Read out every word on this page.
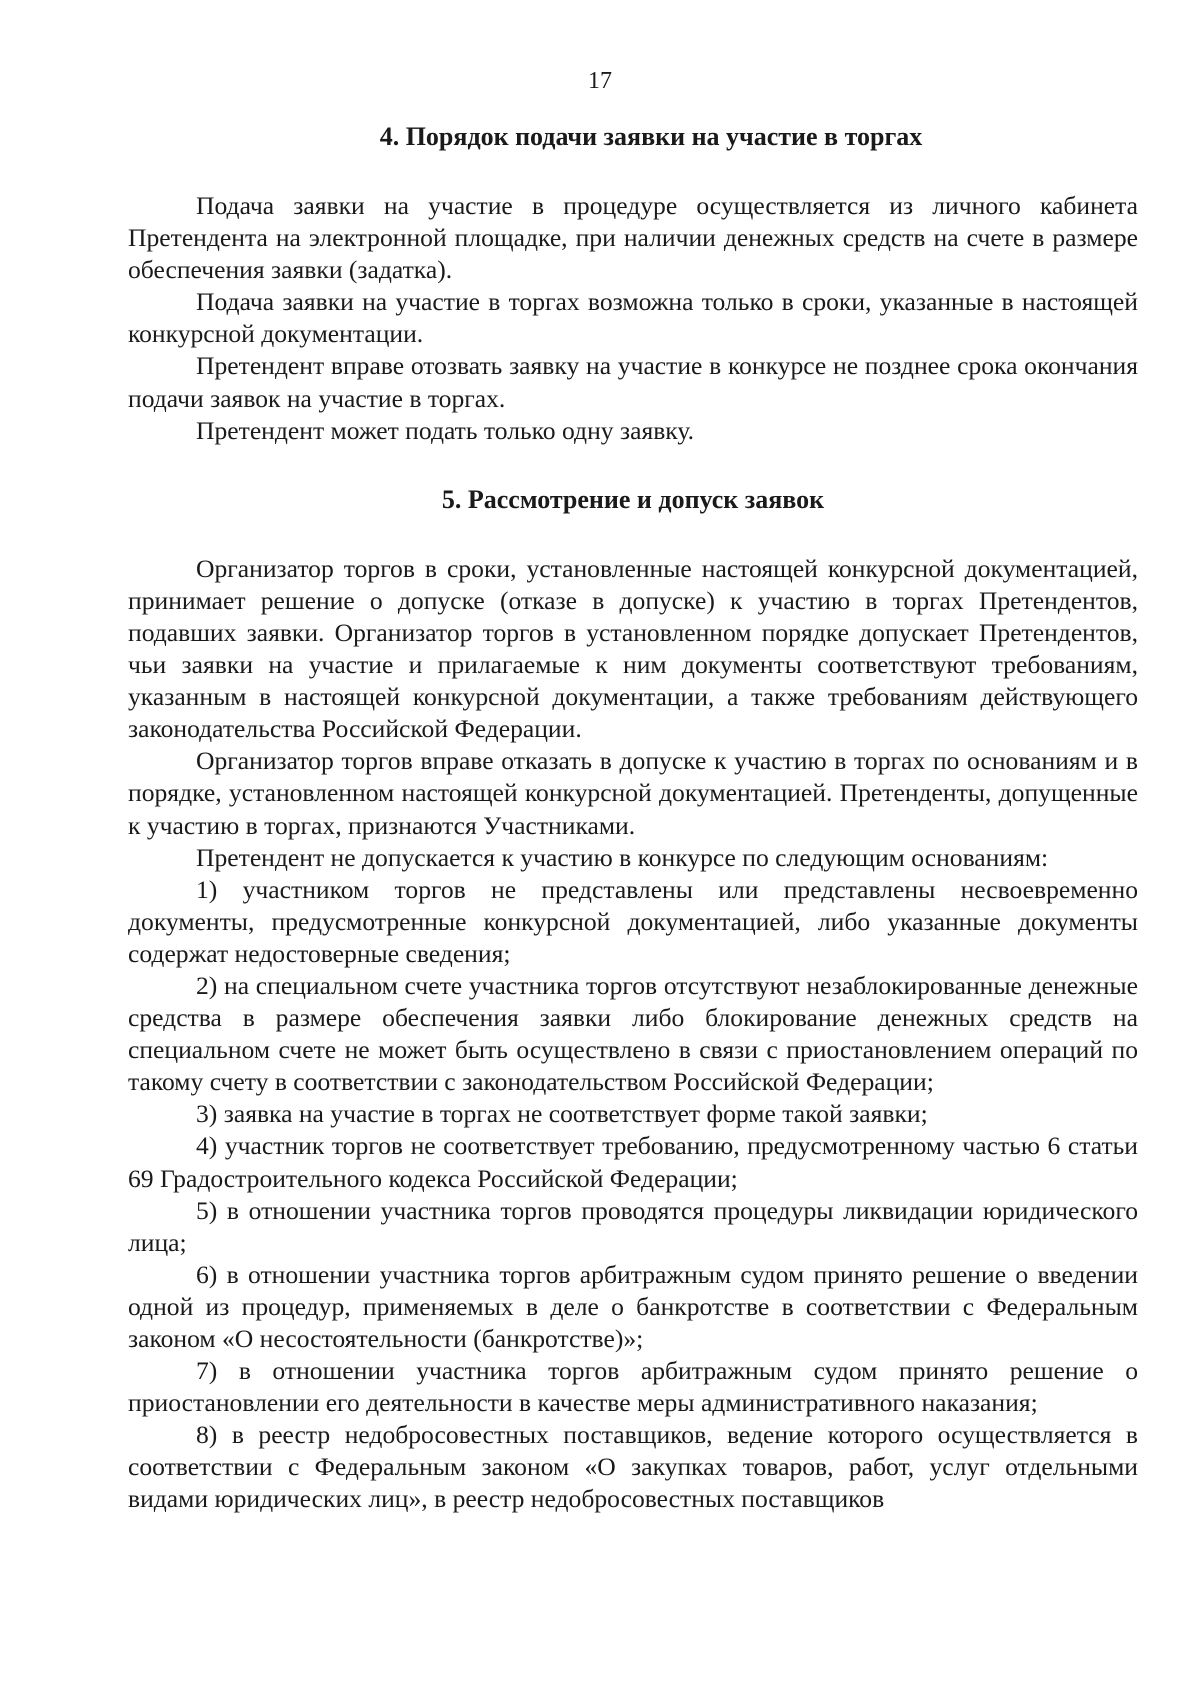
17
4. Порядок подачи заявки на участие в торгах

Подача заявки на участие в процедуре осуществляется из личного кабинета Претендента на электронной площадке, при наличии денежных средств на счете в размере обеспечения заявки (задатка).

Подача заявки на участие в торгах возможна только в сроки, указанные в настоящей конкурсной документации.

Претендент вправе отозвать заявку на участие в конкурсе не позднее срока окончания подачи заявок на участие в торгах.

Претендент может подать только одну заявку.

5. Рассмотрение и допуск заявок

Организатор торгов в сроки, установленные настоящей конкурсной документацией, принимает решение о допуске (отказе в допуске) к участию в торгах Претендентов, подавших заявки. Организатор торгов в установленном порядке допускает Претендентов, чьи заявки на участие и прилагаемые к ним документы соответствуют требованиям, указанным в настоящей конкурсной документации, а также требованиям действующего законодательства Российской Федерации.

Организатор торгов вправе отказать в допуске к участию в торгах по основаниям и в порядке, установленном настоящей конкурсной документацией. Претенденты, допущенные к участию в торгах, признаются Участниками.

Претендент не допускается к участию в конкурсе по следующим основаниям:

1) участником торгов не представлены или представлены несвоевременно документы, предусмотренные конкурсной документацией, либо указанные документы содержат недостоверные сведения;

2) на специальном счете участника торгов отсутствуют незаблокированные денежные средства в размере обеспечения заявки либо блокирование денежных средств на специальном счете не может быть осуществлено в связи с приостановлением операций по такому счету в соответствии с законодательством Российской Федерации;

3) заявка на участие в торгах не соответствует форме такой заявки;

4) участник торгов не соответствует требованию, предусмотренному частью 6 статьи 69 Градостроительного кодекса Российской Федерации;

5) в отношении участника торгов проводятся процедуры ликвидации юридического лица;

6) в отношении участника торгов арбитражным судом принято решение о введении одной из процедур, применяемых в деле о банкротстве в соответствии с Федеральным законом «О несостоятельности (банкротстве)»;

7) в отношении участника торгов арбитражным судом принято решение о приостановлении его деятельности в качестве меры административного наказания;

8) в реестр недобросовестных поставщиков, ведение которого осуществляется в соответствии с Федеральным законом «О закупках товаров, работ, услуг отдельными видами юридических лиц», в реестр недобросовестных поставщиков
